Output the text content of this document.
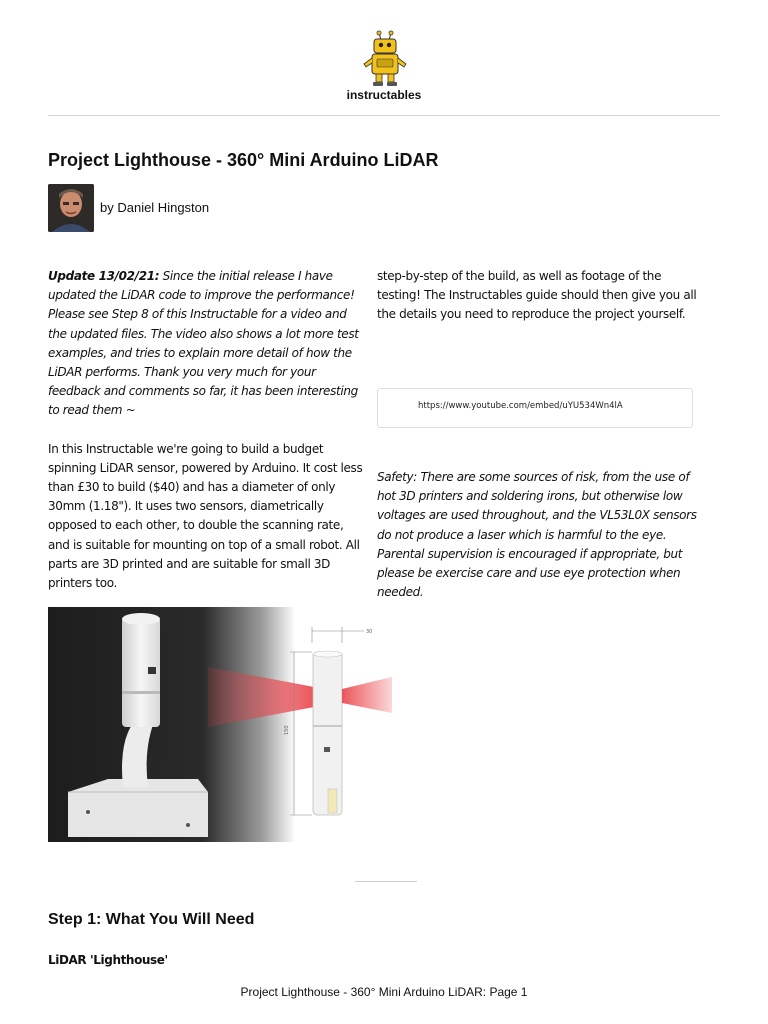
instructables
Project Lighthouse - 360° Mini Arduino LiDAR
by Daniel Hingston

Update 13/02/21: Since the initial release I have updated the LiDAR code to improve the performance! Please see Step 8 of this Instructable for a video and the updated files. The video also shows a lot more test examples, and tries to explain more detail of how the LiDAR performs. Thank you very much for your feedback and comments so far, it has been interesting to read them ~

In this Instructable we're going to build a budget spinning LiDAR sensor, powered by Arduino. It cost less than £30 to build ($40) and has a diameter of only 30mm (1.18"). It uses two sensors, diametrically opposed to each other, to double the scanning rate, and is suitable for mounting on top of a small robot. All parts are 3D printed and are suitable for small 3D printers too.

step-by-step of the build, as well as footage of the testing! The Instructables guide should then give you all the details you need to reproduce the project yourself.

https://www.youtube.com/embed/uYU534Wn4lA

Safety: There are some sources of risk, from the use of hot 3D printers and soldering irons, but otherwise low voltages are used throughout, and the VL53L0X sensors do not produce a laser which is harmful to the eye. Parental supervision is encouraged if appropriate, but please be exercise care and use eye protection when needed.

30
150
Step 1: What You Will Need
LiDAR 'Lighthouse'
Project Lighthouse - 360° Mini Arduino LiDAR: Page 1
